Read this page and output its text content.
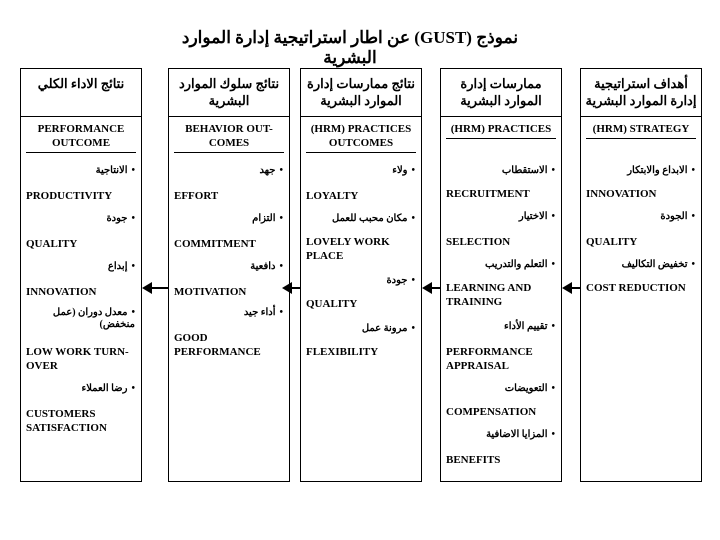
نموذج (GUST) عن اطار استراتيجية إدارة الموارد البشرية
نتائج الاداء الكلي
PERFORMANCE OUTCOME
• الانتاجية
PRODUCTIVITY
• جودة
QUALITY
• إبداع
INNOVATION
• معدل دوران (عمل منخفض)
LOW WORK TURN-OVER
• رضا العملاء
CUSTOMERS SATISFACTION
نتائج سلوك الموارد البشرية
BEHAVIOR OUT-COMES
• جهد
EFFORT
• التزام
COMMITMENT
• دافعية
MOTIVATION
• أداء جيد
GOOD PERFORMANCE
نتائج ممارسات إدارة الموارد البشرية
(HRM) PRACTICES OUTCOMES
• ولاء
LOYALTY
• مكان محبب للعمل
LOVELY WORK PLACE
• جودة
QUALITY
• مرونة عمل
FLEXIBILITY
ممارسات إدارة الموارد البشرية
(HRM) PRACTICES
• الاستقطاب
RECRUITMENT
• الاختيار
SELECTION
• التعلم والتدريب
LEARNING AND TRAINING
• تقييم الأداء
PERFORMANCE APPRAISAL
• التعويضات
COMPENSATION
• المزايا الاضافية
BENEFITS
أهداف استراتيجية إدارة الموارد البشرية
(HRM) STRATEGY
• الابداع والابتكار
INNOVATION
• الجودة
QUALITY
• تخفيض التكاليف
COST REDUCTION
